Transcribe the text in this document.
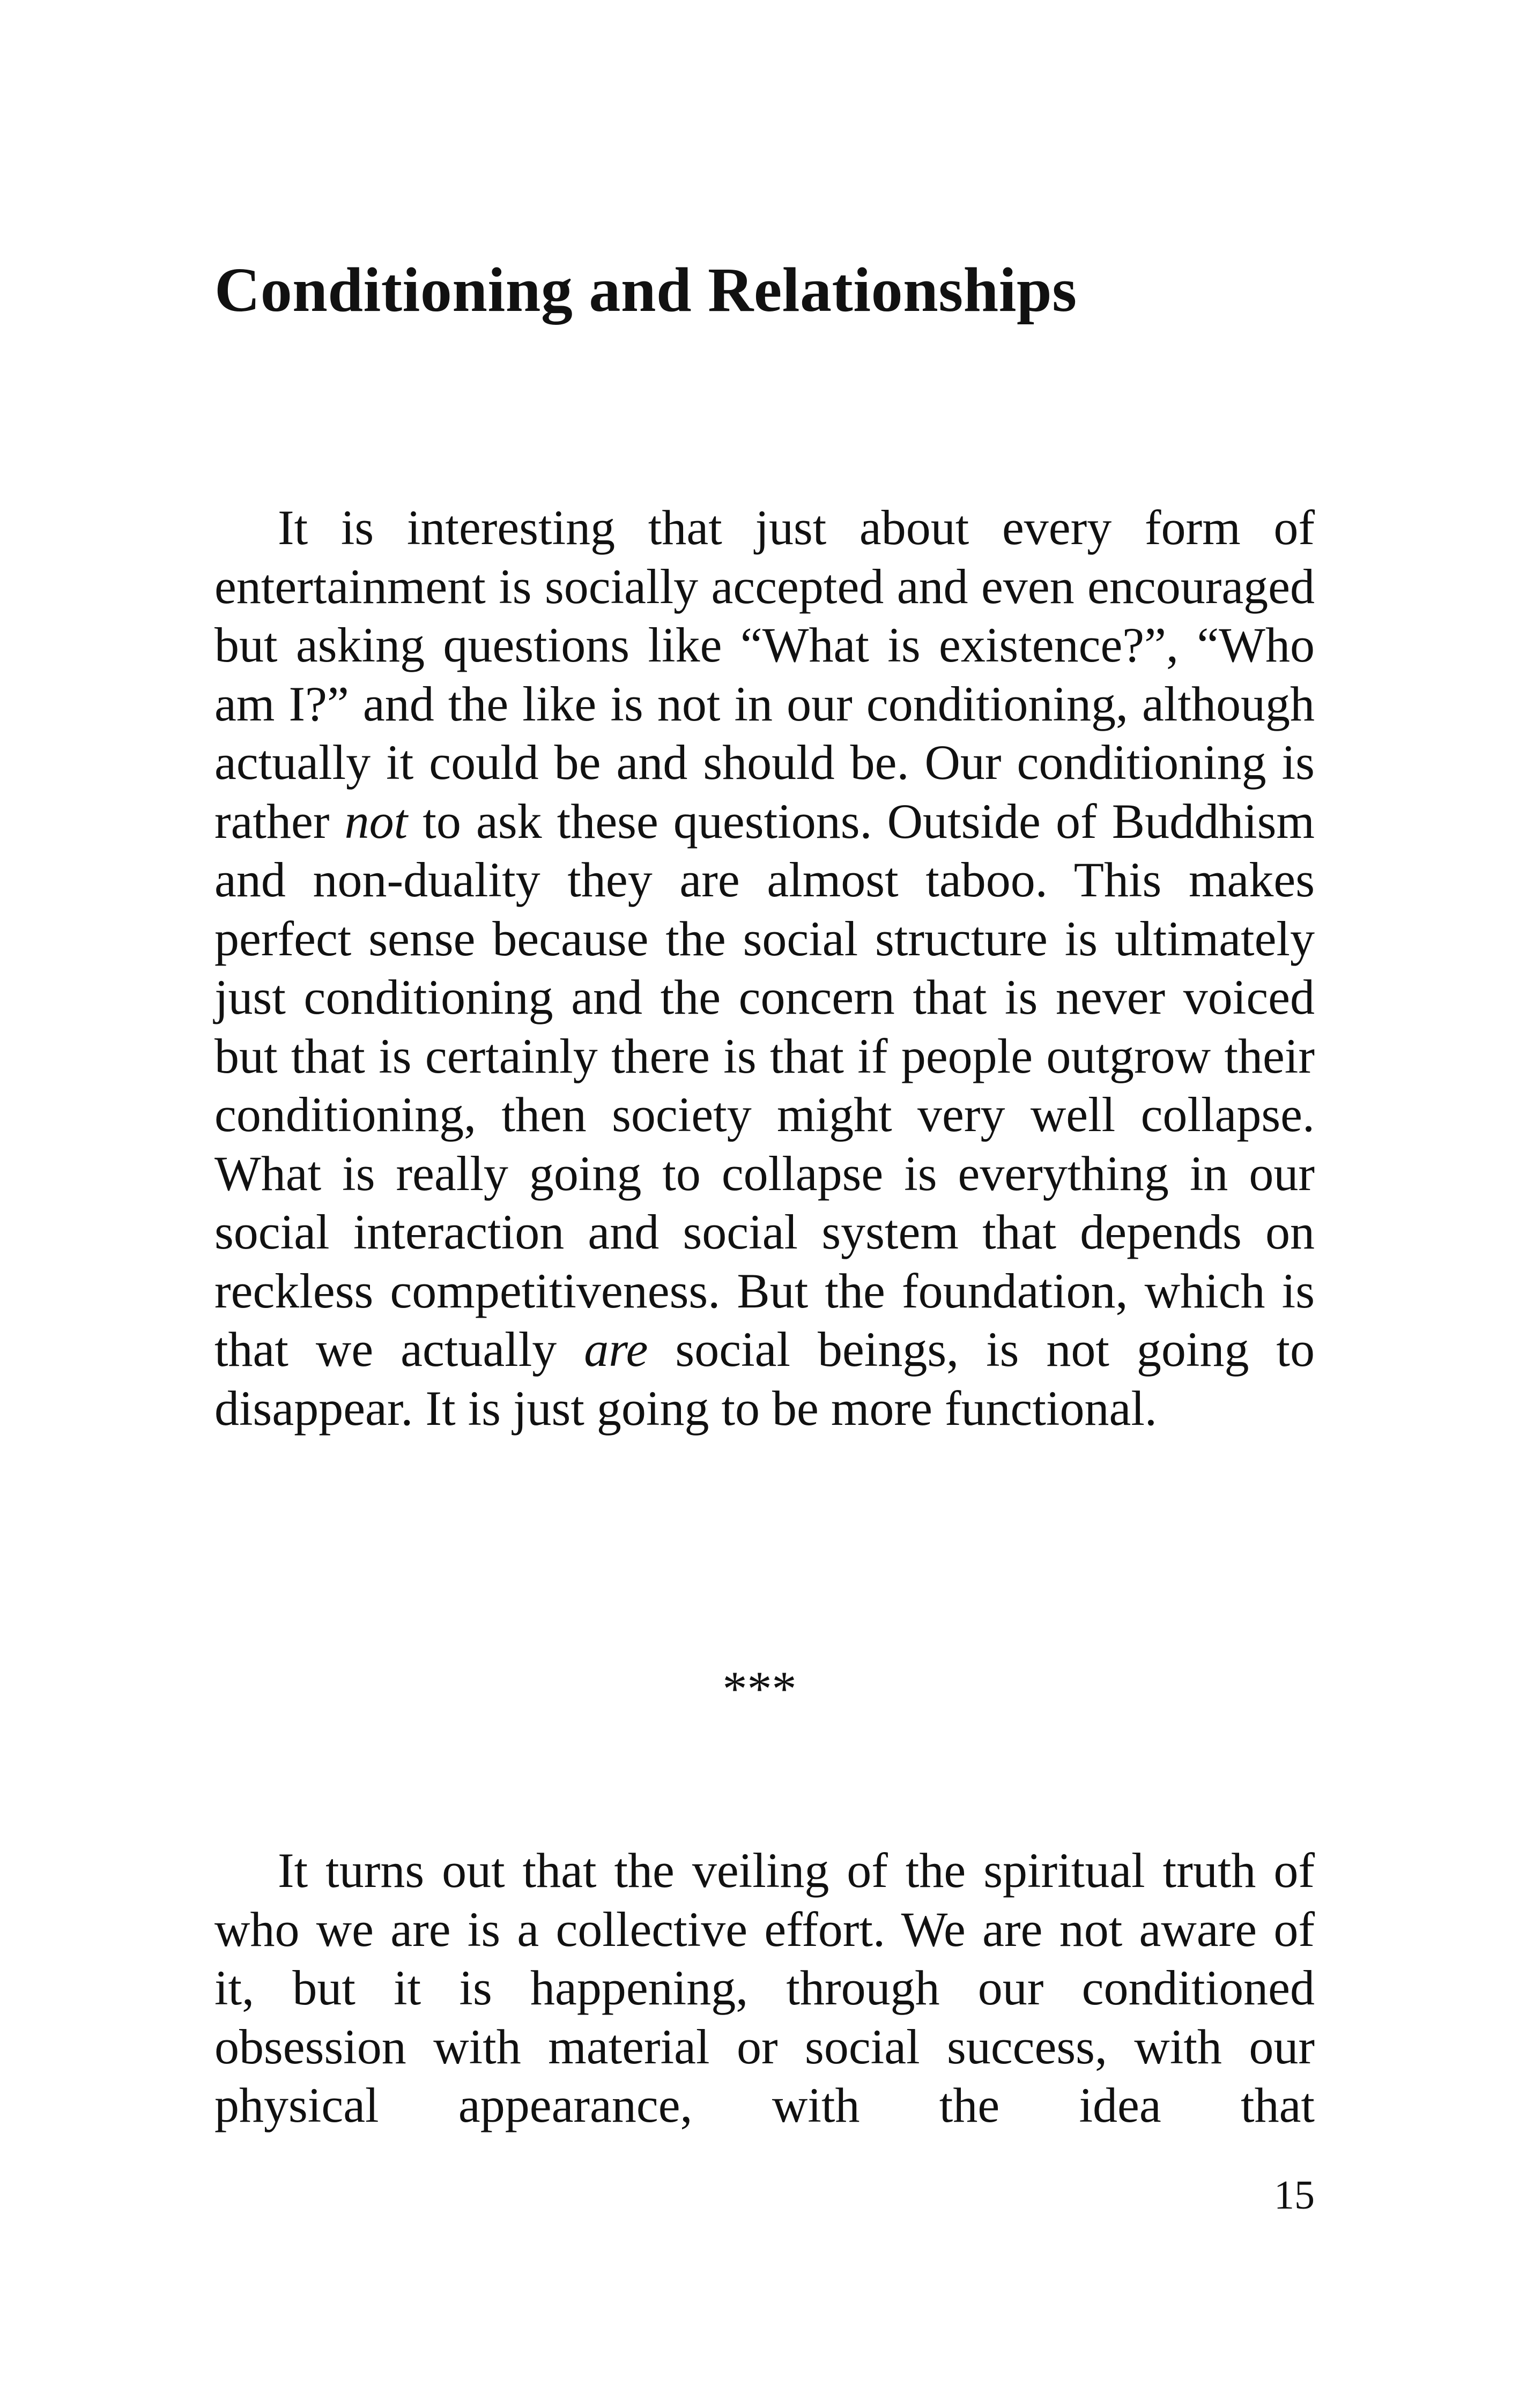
Conditioning and Relationships

It is interesting that just about every form of entertainment is socially accepted and even encouraged but asking questions like “What is existence?”, “Who am I?” and the like is not in our conditioning, although actually it could be and should be. Our conditioning is rather not to ask these questions. Outside of Buddhism and non-duality they are almost taboo. This makes perfect sense because the social structure is ultimately just conditioning and the concern that is never voiced but that is certainly there is that if people outgrow their conditioning, then society might very well collapse. What is really going to collapse is everything in our social interaction and social system that depends on reckless competitiveness. But the foundation, which is that we actually are social beings, is not going to disappear. It is just going to be more functional.

***

It turns out that the veiling of the spiritual truth of who we are is a collective effort. We are not aware of it, but it is happening, through our conditioned obsession with material or social success, with our physical appearance, with the idea that

15
